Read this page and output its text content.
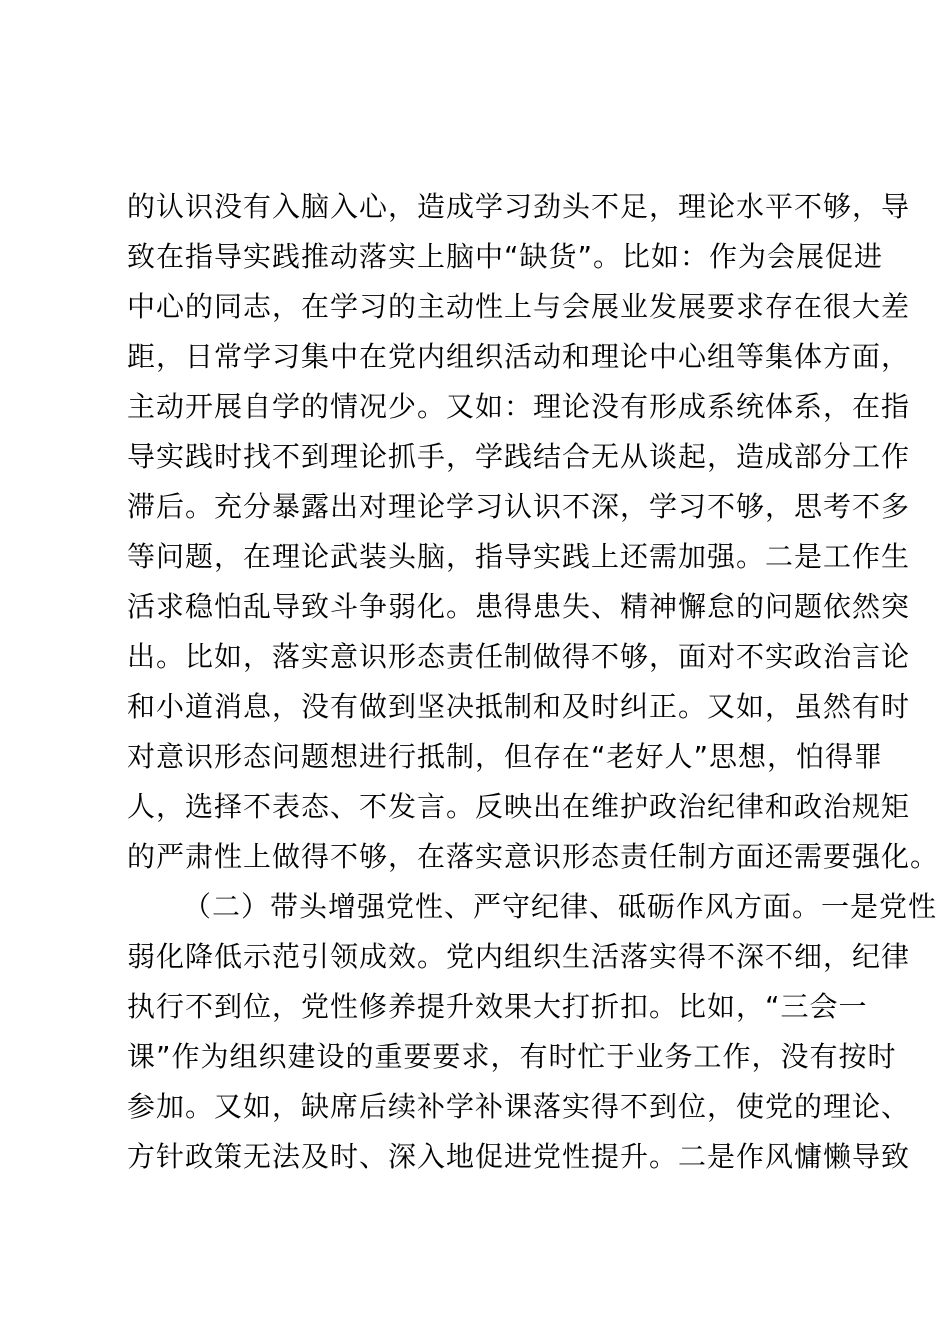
的认识没有入脑入心，造成学习劲头不足，理论水平不够，导
致在指导实践推动落实上脑中“缺货”。比如：作为会展促进
中心的同志，在学习的主动性上与会展业发展要求存在很大差
距，日常学习集中在党内组织活动和理论中心组等集体方面，
主动开展自学的情况少。又如：理论没有形成系统体系，在指
导实践时找不到理论抓手，学践结合无从谈起，造成部分工作
滞后。充分暴露出对理论学习认识不深，学习不够，思考不多
等问题，在理论武装头脑，指导实践上还需加强。二是工作生
活求稳怕乱导致斗争弱化。患得患失、精神懈怠的问题依然突
出。比如，落实意识形态责任制做得不够，面对不实政治言论
和小道消息，没有做到坚决抵制和及时纠正。又如，虽然有时
对意识形态问题想进行抵制，但存在“老好人”思想，怕得罪
人，选择不表态、不发言。反映出在维护政治纪律和政治规矩
的严肃性上做得不够，在落实意识形态责任制方面还需要强化。
（二）带头增强党性、严守纪律、砥砺作风方面。一是党性
弱化降低示范引领成效。党内组织生活落实得不深不细，纪律
执行不到位，党性修养提升效果大打折扣。比如，“三会一
课”作为组织建设的重要要求，有时忙于业务工作，没有按时
参加。又如，缺席后续补学补课落实得不到位，使党的理论、
方针政策无法及时、深入地促进党性提升。二是作风慵懒导致
